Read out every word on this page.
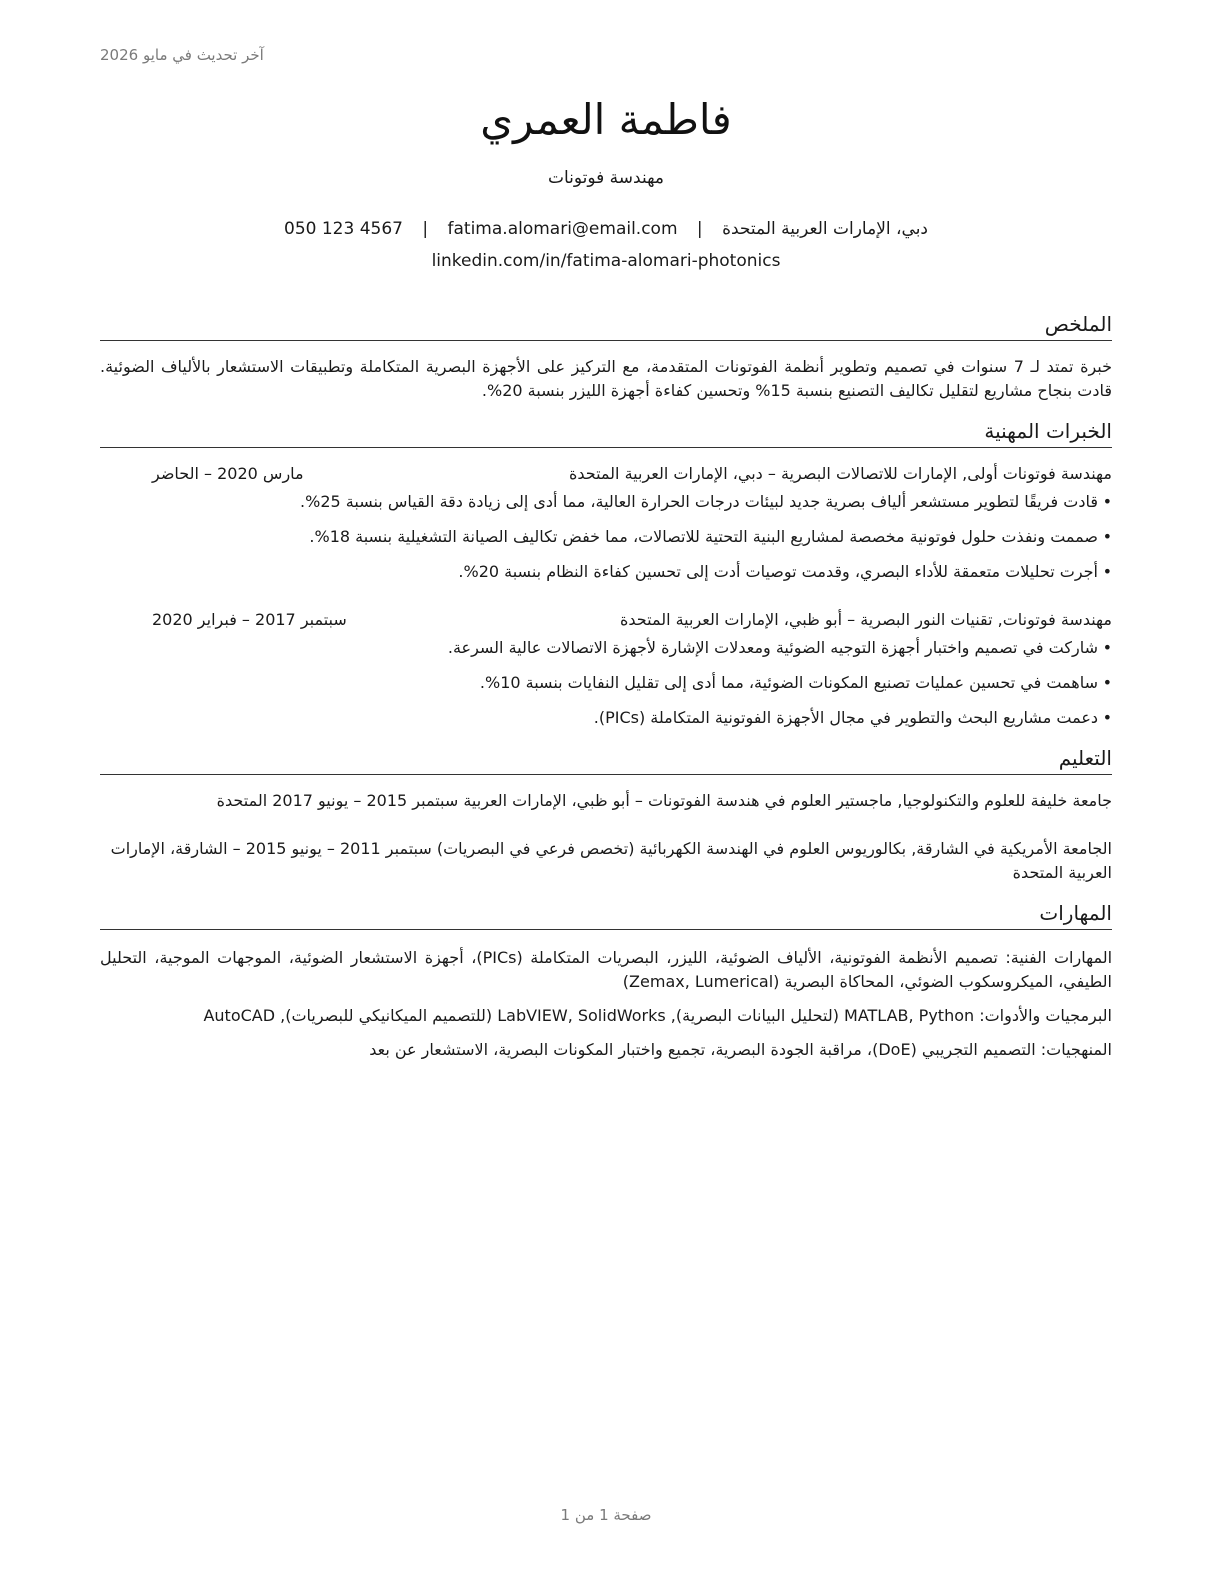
آخر تحديث في مايو 2026
فاطمة العمري
مهندسة فوتونات
دبي، الإمارات العربية المتحدة | fatima.alomari@email.com | 050 123 4567
linkedin.com/in/fatima-alomari-photonics
الملخص
خبرة تمتد لـ 7 سنوات في تصميم وتطوير أنظمة الفوتونات المتقدمة، مع التركيز على الأجهزة البصرية المتكاملة وتطبيقات الاستشعار بالألياف الضوئية. قادت بنجاح مشاريع لتقليل تكاليف التصنيع بنسبة 15% وتحسين كفاءة أجهزة الليزر بنسبة 20%.
الخبرات المهنية
مهندسة فوتونات أولى, الإمارات للاتصالات البصرية – دبي، الإمارات العربية المتحدة
مارس 2020 – الحاضر
•قادت فريقًا لتطوير مستشعر ألياف بصرية جديد لبيئات درجات الحرارة العالية، مما أدى إلى زيادة دقة القياس بنسبة 25%.
•صممت ونفذت حلول فوتونية مخصصة لمشاريع البنية التحتية للاتصالات، مما خفض تكاليف الصيانة التشغيلية بنسبة 18%.
•أجرت تحليلات متعمقة للأداء البصري، وقدمت توصيات أدت إلى تحسين كفاءة النظام بنسبة 20%.
مهندسة فوتونات, تقنيات النور البصرية – أبو ظبي، الإمارات العربية المتحدة
سبتمبر 2017 – فبراير 2020
•شاركت في تصميم واختبار أجهزة التوجيه الضوئية ومعدلات الإشارة لأجهزة الاتصالات عالية السرعة.
•ساهمت في تحسين عمليات تصنيع المكونات الضوئية، مما أدى إلى تقليل النفايات بنسبة 10%.
•دعمت مشاريع البحث والتطوير في مجال الأجهزة الفوتونية المتكاملة (PICs).
التعليم
جامعة خليفة للعلوم والتكنولوجيا, ماجستير العلوم في هندسة الفوتونات – أبو ظبي، الإمارات العربية سبتمبر 2015 – يونيو 2017 المتحدة
الجامعة الأمريكية في الشارقة, بكالوريوس العلوم في الهندسة الكهربائية (تخصص فرعي في البصريات) سبتمبر 2011 – يونيو 2015 – الشارقة، الإمارات العربية المتحدة
المهارات
المهارات الفنية: تصميم الأنظمة الفوتونية، الألياف الضوئية، الليزر، البصريات المتكاملة (PICs)، أجهزة الاستشعار الضوئية، الموجهات الموجية، التحليل الطيفي، الميكروسكوب الضوئي، المحاكاة البصرية (Zemax, Lumerical)
البرمجيات والأدوات: MATLAB, Python (لتحليل البيانات البصرية), LabVIEW, SolidWorks (للتصميم الميكانيكي للبصريات), AutoCAD
المنهجيات: التصميم التجريبي (DoE)، مراقبة الجودة البصرية، تجميع واختبار المكونات البصرية، الاستشعار عن بعد
صفحة 1 من 1
